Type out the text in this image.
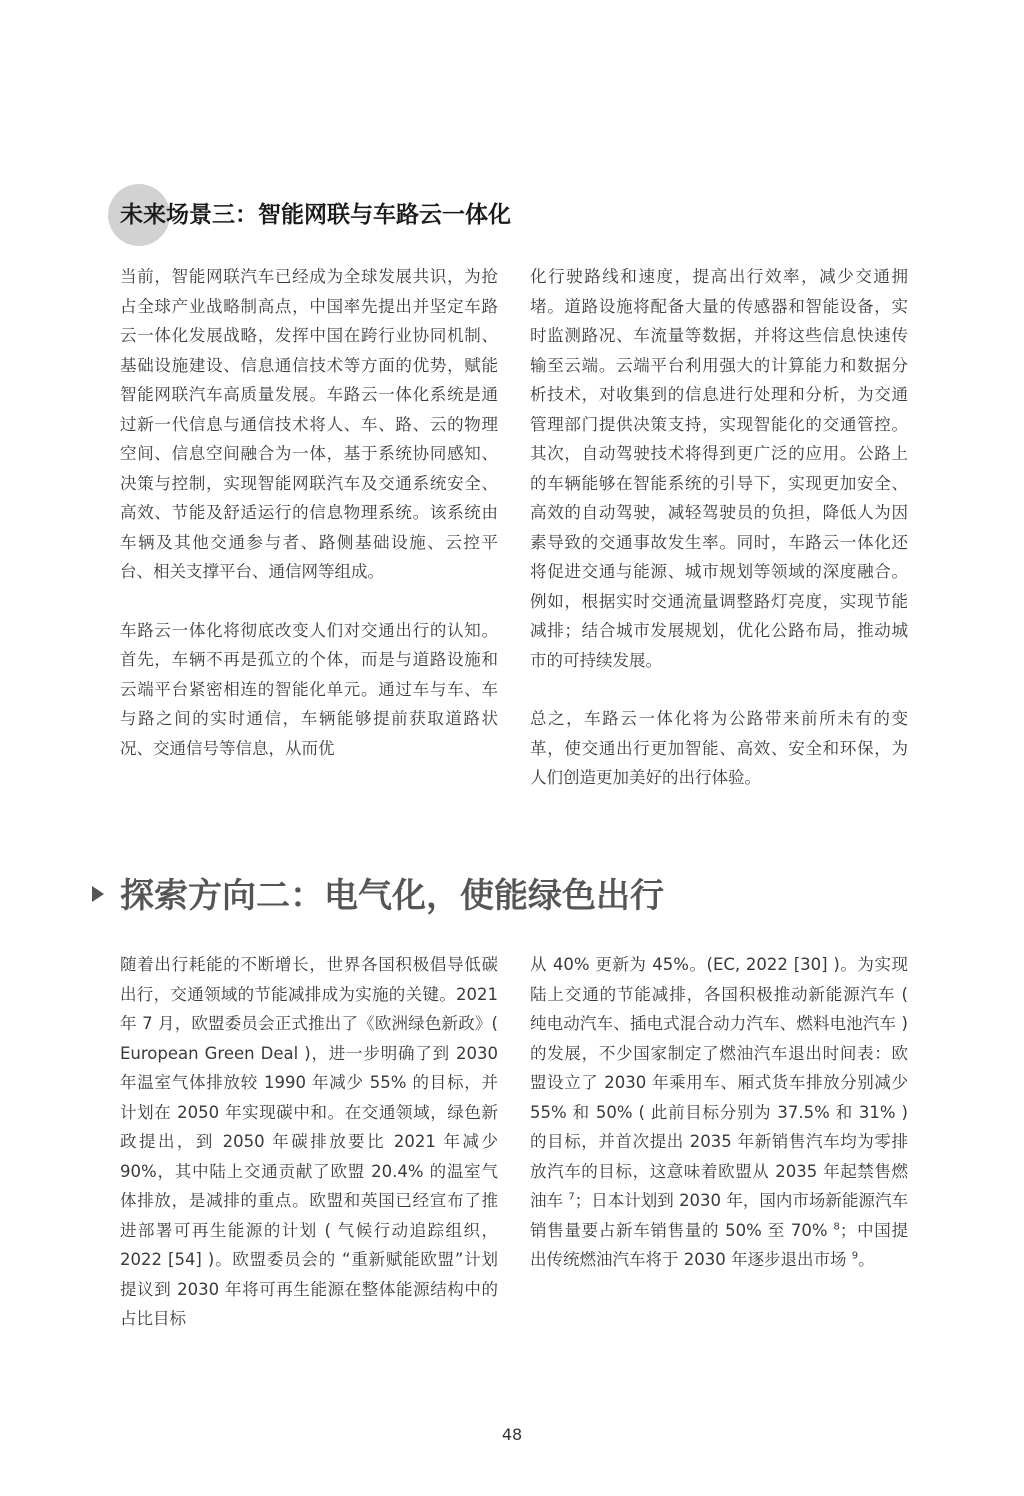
未来场景三：智能网联与车路云一体化

当前，智能网联汽车已经成为全球发展共识，为抢占全球产业战略制高点，中国率先提出并坚定车路云一体化发展战略，发挥中国在跨行业协同机制、基础设施建设、信息通信技术等方面的优势，赋能智能网联汽车高质量发展。车路云一体化系统是通过新一代信息与通信技术将人、车、路、云的物理空间、信息空间融合为一体，基于系统协同感知、决策与控制，实现智能网联汽车及交通系统安全、高效、节能及舒适运行的信息物理系统。该系统由车辆及其他交通参与者、路侧基础设施、云控平台、相关支撑平台、通信网等组成。

车路云一体化将彻底改变人们对交通出行的认知。首先，车辆不再是孤立的个体，而是与道路设施和云端平台紧密相连的智能化单元。通过车与车、车与路之间的实时通信，车辆能够提前获取道路状况、交通信号等信息，从而优

化行驶路线和速度，提高出行效率，减少交通拥堵。道路设施将配备大量的传感器和智能设备，实时监测路况、车流量等数据，并将这些信息快速传输至云端。云端平台利用强大的计算能力和数据分析技术，对收集到的信息进行处理和分析，为交通管理部门提供决策支持，实现智能化的交通管控。其次，自动驾驶技术将得到更广泛的应用。公路上的车辆能够在智能系统的引导下，实现更加安全、高效的自动驾驶，减轻驾驶员的负担，降低人为因素导致的交通事故发生率。同时，车路云一体化还将促进交通与能源、城市规划等领域的深度融合。例如，根据实时交通流量调整路灯亮度，实现节能减排；结合城市发展规划，优化公路布局，推动城市的可持续发展。

总之，车路云一体化将为公路带来前所未有的变革，使交通出行更加智能、高效、安全和环保，为人们创造更加美好的出行体验。

探索方向二：电气化，使能绿色出行

随着出行耗能的不断增长，世界各国积极倡导低碳出行，交通领域的节能减排成为实施的关键。2021 年 7 月，欧盟委员会正式推出了《欧洲绿色新政》( European Green Deal )，进一步明确了到 2030 年温室气体排放较 1990 年减少 55% 的目标，并计划在 2050 年实现碳中和。在交通领域，绿色新政提出，到 2050 年碳排放要比 2021 年减少 90%，其中陆上交通贡献了欧盟 20.4% 的温室气体排放，是减排的重点。欧盟和英国已经宣布了推进部署可再生能源的计划 ( 气候行动追踪组织，2022 [54] )。欧盟委员会的 “重新赋能欧盟”计划提议到 2030 年将可再生能源在整体能源结构中的占比目标

从 40% 更新为 45%。(EC, 2022 [30] )。为实现陆上交通的节能减排，各国积极推动新能源汽车 ( 纯电动汽车、插电式混合动力汽车、燃料电池汽车 ) 的发展，不少国家制定了燃油汽车退出时间表：欧盟设立了 2030 年乘用车、厢式货车排放分别减少 55% 和 50% ( 此前目标分别为 37.5% 和 31% ) 的目标，并首次提出 2035 年新销售汽车均为零排放汽车的目标，这意味着欧盟从 2035 年起禁售燃油车 $^7$；日本计划到 2030 年，国内市场新能源汽车销售量要占新车销售量的 50% 至 70% $^8$；中国提出传统燃油汽车将于 2030 年逐步退出市场 $^9$。

48
